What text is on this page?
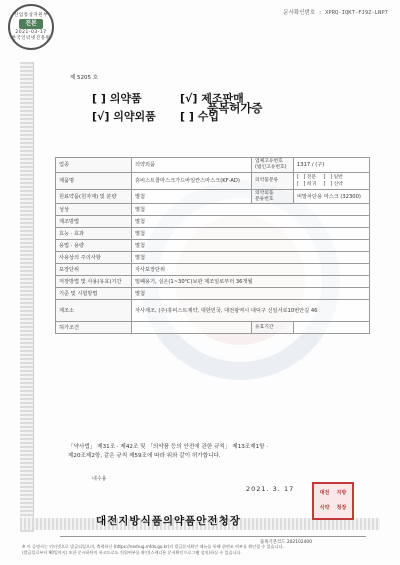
산업통상자원부
진본
2021-03-17
한국인터넷진흥원
문서확인번호 : XPRQ-IQKT-FJ9Z-LNP7
제 5205 호
[ ] 의약품	[√] 제조판매
[√] 의약외품 [ ] 수입
품목허가증
업종	의약외품	업체고유번호
(법인고유번호)	1317 / (구)
제품명	휴비스트쿨마스크가드바일칸스마스크(KF-AD)	의약품분류	[   ] 전문     [   ] 일반
[   ] 희귀     [   ] 신약
원료약품(원자재) 및 분량	별첨	의약외품
분류번호	비말차단용 마스크 (32300)
성상	별첨		
제조방법	별첨		
효능 · 효과	별첨		
용법 · 용량	별첨		
사용상의 주의사항	별첨		
포장단위	자사포장단위		
저장방법 및 사용(유효)기간	밀폐용기, 실온(1~30℃)보관 제조일로부터 36개월		
기준 및 시험방법	별첨		
제조소	자사제조, (주)휴비스트제약, 대한민국, 대전광역시 대덕구 신일서로10번안길 46		
허가조건		유효기간	
「약사법」 제31조 · 제42조 및 「의약품 등의 안전에 관한 규칙」 제13조제1항 ·
제20조제2항, 같은 규칙 제59조에 따라 위와 같이 허가합니다.
내수용
2021. 3. 17
대전지방식품의약품안전청장
대전 지방
식약 청장
품목기본코드 202102400
※ 이 증명서는 인터넷으로 발급되었으며, 출력하신 (https://nedrug.mfds.go.kr)의 발급문서확인 메뉴를 통해 위변조 여부를 확인할 수 있습니다.
(발급일로부터 90일까지) 또한 문서하단의 바코드로도 진위여부를 확인(스캐너용 문서확인프로그램 설치)하실 수 있습니다.
